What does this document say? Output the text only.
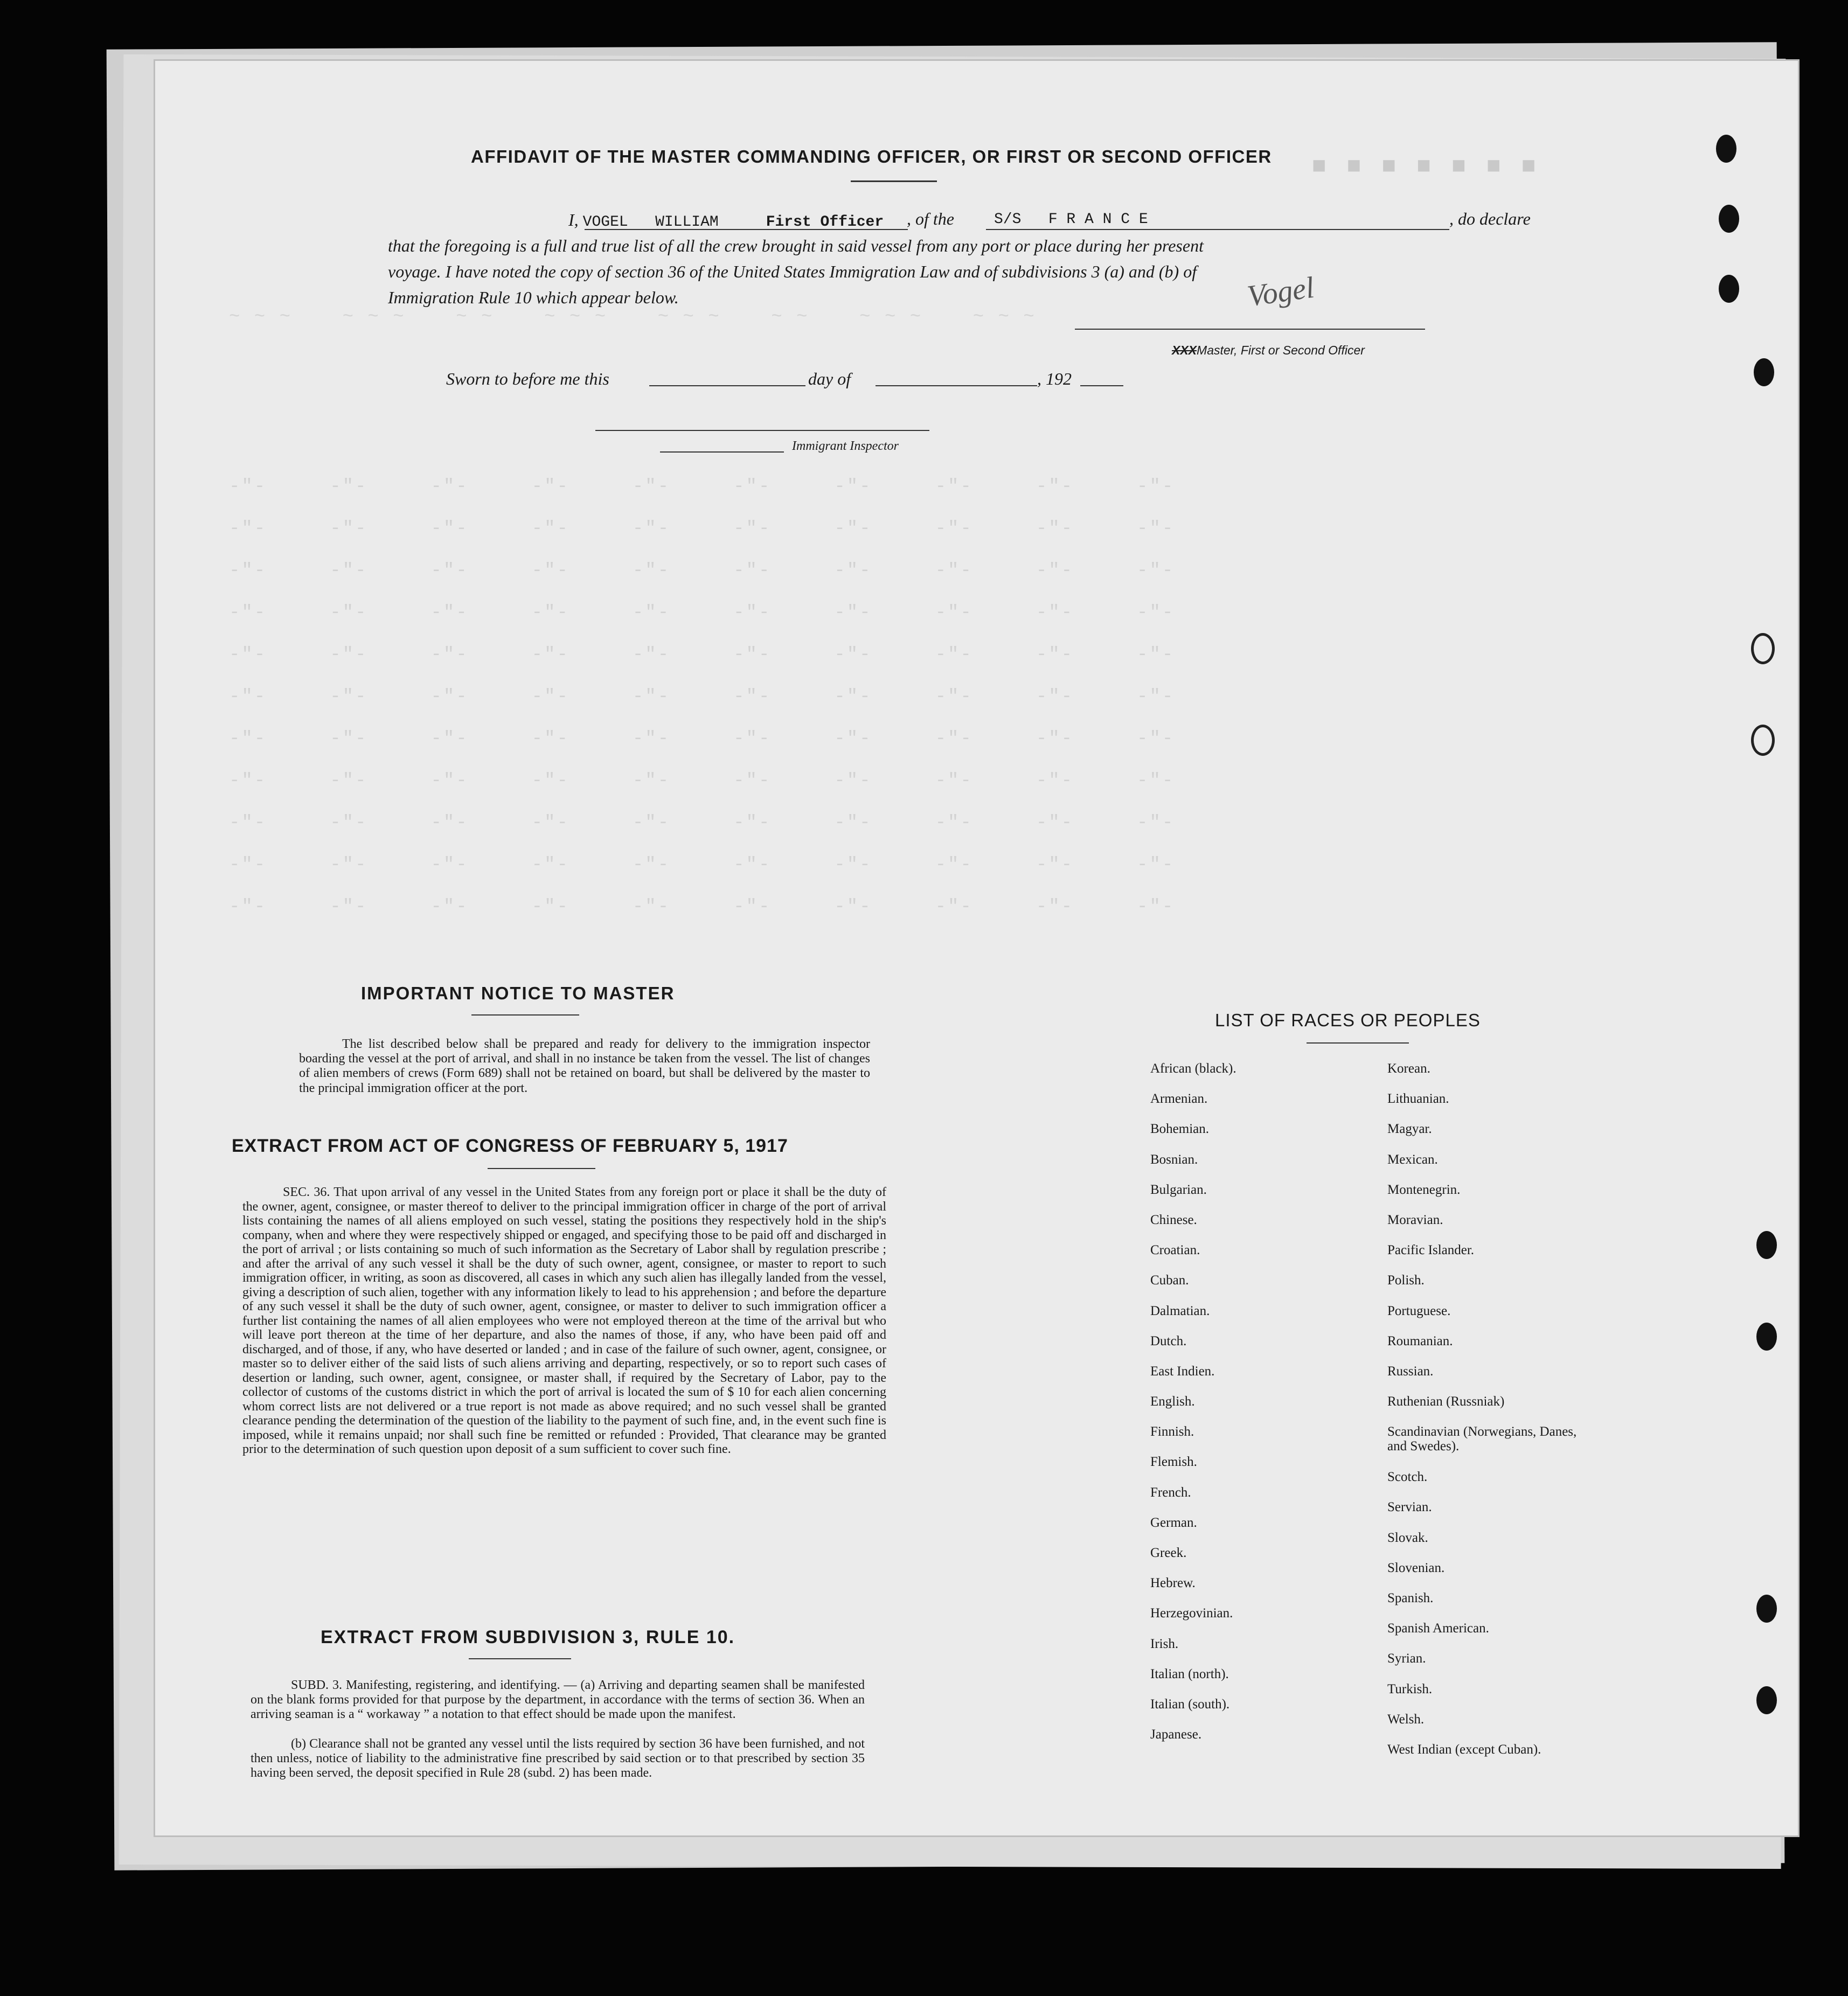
■ ■ ■ ■ ■ ■ ■
~ ~ ~    ~ ~ ~    ~ ~    ~ ~ ~    ~ ~ ~    ~ ~    ~ ~ ~    ~ ~ ~
-"-     -"-     -"-     -"-     -"-     -"-     -"-     -"-     -"-     -"-
-"-     -"-     -"-     -"-     -"-     -"-     -"-     -"-     -"-     -"-
-"-     -"-     -"-     -"-     -"-     -"-     -"-     -"-     -"-     -"-
-"-     -"-     -"-     -"-     -"-     -"-     -"-     -"-     -"-     -"-
-"-     -"-     -"-     -"-     -"-     -"-     -"-     -"-     -"-     -"-
-"-     -"-     -"-     -"-     -"-     -"-     -"-     -"-     -"-     -"-
-"-     -"-     -"-     -"-     -"-     -"-     -"-     -"-     -"-     -"-
-"-     -"-     -"-     -"-     -"-     -"-     -"-     -"-     -"-     -"-
-"-     -"-     -"-     -"-     -"-     -"-     -"-     -"-     -"-     -"-
-"-     -"-     -"-     -"-     -"-     -"-     -"-     -"-     -"-     -"-
-"-     -"-     -"-     -"-     -"-     -"-     -"-     -"-     -"-     -"-
AFFIDAVIT OF THE MASTER COMMANDING OFFICER, OR FIRST OR SECOND OFFICER
I, VOGEL   WILLIAM	First Officer , of the	S/S   F R A N C E	, do declare
that the foregoing is a full and true list of all the crew brought in said vessel from any port or place during her present
voyage. I have noted the copy of section 36 of the United States Immigration Law and of subdivisions 3 (a) and (b) of
Immigration Rule 10 which appear below.	Vogel
XXXMaster, First or Second Officer
Sworn to before me this	day of	, 192
Immigrant Inspector
IMPORTANT NOTICE TO MASTER
The list described below shall be prepared and ready for delivery to the immigration inspector boarding the vessel at the port of arrival, and shall in no instance be taken from the vessel. The list of changes of alien members of crews (Form 689) shall not be retained on board, but shall be delivered by the master to the principal immigration officer at the port.
EXTRACT FROM ACT OF CONGRESS OF FEBRUARY 5, 1917
SEC. 36. That upon arrival of any vessel in the United States from any foreign port or place it shall be the duty of the owner, agent, consignee, or master thereof to deliver to the principal immigration officer in charge of the port of arrival lists containing the names of all aliens employed on such vessel, stating the positions they respectively hold in the ship's company, when and where they were respectively shipped or engaged, and specifying those to be paid off and discharged in the port of arrival ; or lists containing so much of such information as the Secretary of Labor shall by regulation prescribe ; and after the arrival of any such vessel it shall be the duty of such owner, agent, consignee, or master to report to such immigration officer, in writing, as soon as discovered, all cases in which any such alien has illegally landed from the vessel, giving a description of such alien, together with any information likely to lead to his apprehension ; and before the departure of any such vessel it shall be the duty of such owner, agent, consignee, or master to deliver to such immigration officer a further list containing the names of all alien employees who were not employed thereon at the time of the arrival but who will leave port thereon at the time of her departure, and also the names of those, if any, who have been paid off and discharged, and of those, if any, who have deserted or landed ; and in case of the failure of such owner, agent, consignee, or master so to deliver either of the said lists of such aliens arriving and departing, respectively, or so to report such cases of desertion or landing, such owner, agent, consignee, or master shall, if required by the Secretary of Labor, pay to the collector of customs of the customs district in which the port of arrival is located the sum of $ 10 for each alien concerning whom correct lists are not delivered or a true report is not made as above required; and no such vessel shall be granted clearance pending the determination of the question of the liability to the payment of such fine, and, in the event such fine is imposed, while it remains unpaid; nor shall such fine be remitted or refunded : Provided, That clearance may be granted prior to the determination of such question upon deposit of a sum sufficient to cover such fine.
EXTRACT FROM SUBDIVISION 3, RULE 10.
SUBD. 3. Manifesting, registering, and identifying. — (a) Arriving and departing seamen shall be manifested on the blank forms provided for that purpose by the department, in accordance with the terms of section 36. When an arriving seaman is a “ workaway ” a notation to that effect should be made upon the manifest.
(b) Clearance shall not be granted any vessel until the lists required by section 36 have been furnished, and not then unless, notice of liability to the administrative fine prescribed by said section or to that prescribed by section 35 having been served, the deposit specified in Rule 28 (subd. 2) has been made.
LIST OF RACES OR PEOPLES
African (black).
Armenian.
Bohemian.
Bosnian.
Bulgarian.
Chinese.
Croatian.
Cuban.
Dalmatian.
Dutch.
East Indien.
English.
Finnish.
Flemish.
French.
German.
Greek.
Hebrew.
Herzegovinian.
Irish.
Italian (north).
Italian (south).
Japanese.
Korean.
Lithuanian.
Magyar.
Mexican.
Montenegrin.
Moravian.
Pacific Islander.
Polish.
Portuguese.
Roumanian.
Russian.
Ruthenian (Russniak)
Scandinavian (Norwegians, Danes, and Swedes).
Scotch.
Servian.
Slovak.
Slovenian.
Spanish.
Spanish American.
Syrian.
Turkish.
Welsh.
West Indian (except Cuban).
